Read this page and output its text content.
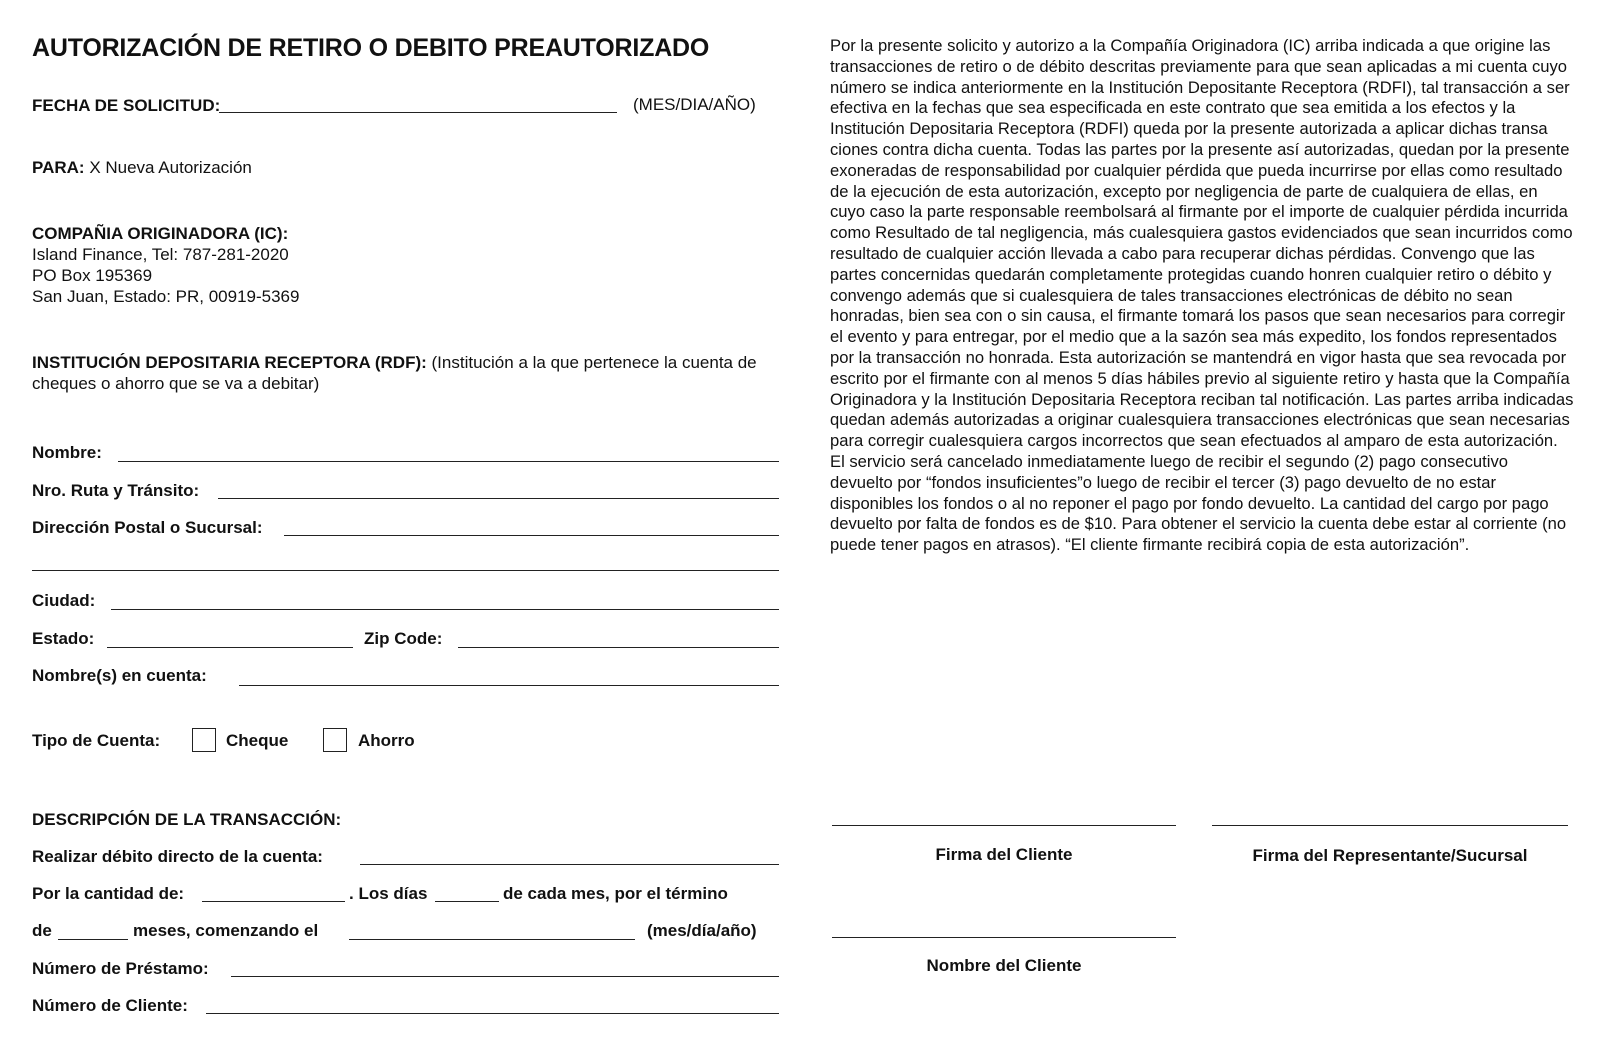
AUTORIZACIÓN DE RETIRO O DEBITO PREAUTORIZADO
FECHA DE SOLICITUD:	(MES/DIA/AÑO)
PARA: X Nueva Autorización
COMPAÑIA ORIGINADORA (IC):
Island Finance, Tel: 787-281-2020
PO Box 195369
San Juan, Estado: PR, 00919-5369
INSTITUCIÓN DEPOSITARIA RECEPTORA (RDF): (Institución a la que pertenece la cuenta de cheques o ahorro que se va a debitar)
Nombre:
Nro. Ruta y Tránsito:
Dirección Postal o Sucursal:
Ciudad:
Estado:	Zip Code:
Nombre(s) en cuenta:
Tipo de Cuenta:	Cheque	Ahorro
DESCRIPCIÓN DE LA TRANSACCIÓN:
Realizar débito directo de la cuenta:
Por la cantidad de:	. Los días	de cada mes, por el término
de	meses, comenzando el	(mes/día/año)
Número de Préstamo:
Número de Cliente:
Por la presente solicito y autorizo a la Compañía Originadora (IC) arriba indicada a que origine las transacciones de retiro o de débito descritas previamente para que sean aplicadas a mi cuenta cuyo número se indica anteriormente en la Institución Depositante Receptora (RDFI), tal transacción a ser efectiva en la fechas que sea especificada en este contrato que sea emitida a los efectos y la Institución Depositaria Receptora (RDFI) queda por la presente autorizada a aplicar dichas transa ciones contra dicha cuenta. Todas las partes por la presente así autorizadas, quedan por la presente exoneradas de responsabilidad por cualquier pérdida que pueda incurrirse por ellas como resultado de la ejecución de esta autorización, excepto por negligencia de parte de cualquiera de ellas, en cuyo caso la parte responsable reembolsará al firmante por el importe de cualquier pérdida incurrida como Resultado de tal negligencia, más cualesquiera gastos evidenciados que sean incurridos como resultado de cualquier acción llevada a cabo para recuperar dichas pérdidas. Convengo que las partes concernidas quedarán completamente protegidas cuando honren cualquier retiro o débito y convengo además que si cualesquiera de tales transacciones electrónicas de débito no sean honradas, bien sea con o sin causa, el firmante tomará los pasos que sean necesarios para corregir el evento y para entregar, por el medio que a la sazón sea más expedito, los fondos representados por la transacción no honrada. Esta autorización se mantendrá en vigor hasta que sea revocada por escrito por el firmante con al menos 5 días hábiles previo al siguiente retiro y hasta que la Compañía Originadora y la Institución Depositaria Receptora reciban tal notificación. Las partes arriba indicadas quedan además autorizadas a originar cualesquiera transacciones electrónicas que sean necesarias para corregir cualesquiera cargos incorrectos que sean efectuados al amparo de esta autorización. El servicio será cancelado inmediatamente luego de recibir el segundo (2) pago consecutivo devuelto por “fondos insuficientes”o luego de recibir el tercer (3) pago devuelto de no estar disponibles los fondos o al no reponer el pago por fondo devuelto. La cantidad del cargo por pago devuelto por falta de fondos es de $10. Para obtener el servicio la cuenta debe estar al corriente (no puede tener pagos en atrasos). “El cliente firmante recibirá copia de esta autorización”.
Firma del Cliente	Firma del Representante/Sucursal
Nombre del Cliente
